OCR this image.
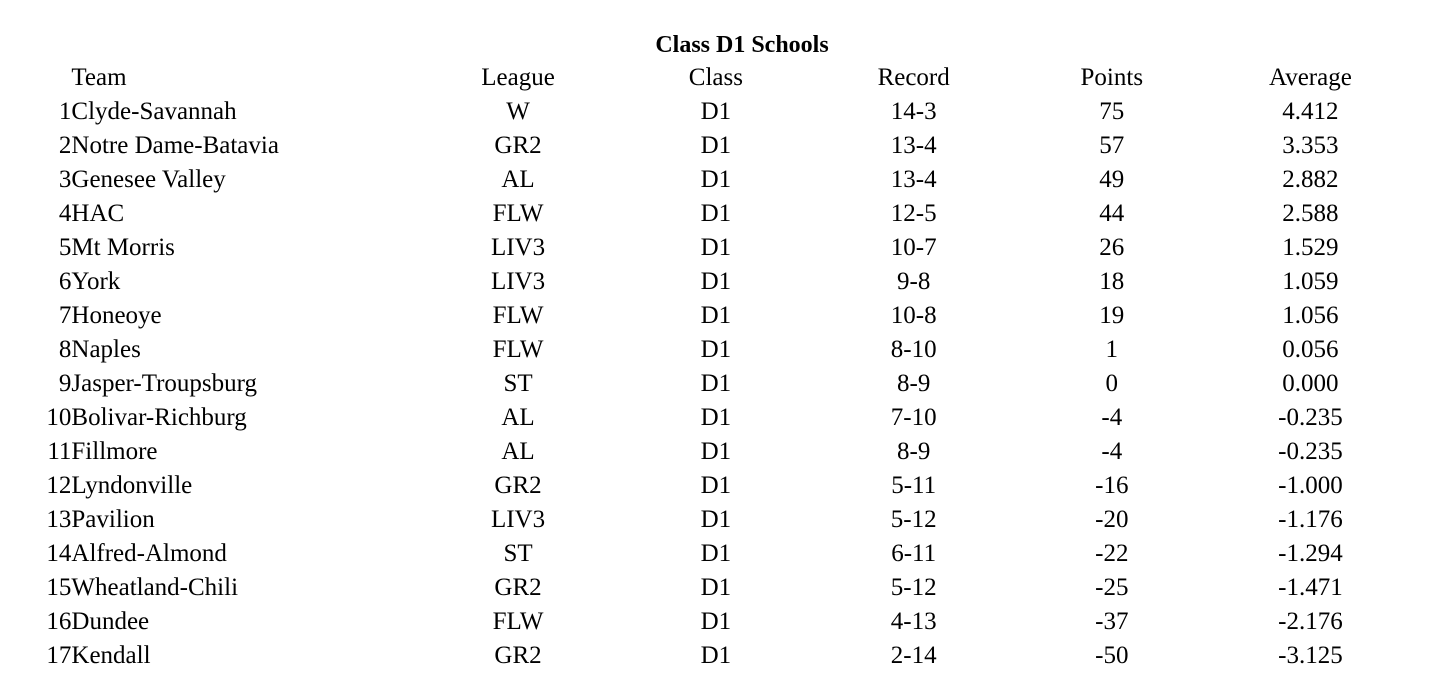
Class D1 Schools
	Team	League	Class	Record	Points	Average
1	Clyde-Savannah	W	D1	14-3	75	4.412
2	Notre Dame-Batavia	GR2	D1	13-4	57	3.353
3	Genesee Valley	AL	D1	13-4	49	2.882
4	HAC	FLW	D1	12-5	44	2.588
5	Mt Morris	LIV3	D1	10-7	26	1.529
6	York	LIV3	D1	9-8	18	1.059
7	Honeoye	FLW	D1	10-8	19	1.056
8	Naples	FLW	D1	8-10	1	0.056
9	Jasper-Troupsburg	ST	D1	8-9	0	0.000
10	Bolivar-Richburg	AL	D1	7-10	-4	-0.235
11	Fillmore	AL	D1	8-9	-4	-0.235
12	Lyndonville	GR2	D1	5-11	-16	-1.000
13	Pavilion	LIV3	D1	5-12	-20	-1.176
14	Alfred-Almond	ST	D1	6-11	-22	-1.294
15	Wheatland-Chili	GR2	D1	5-12	-25	-1.471
16	Dundee	FLW	D1	4-13	-37	-2.176
17	Kendall	GR2	D1	2-14	-50	-3.125
